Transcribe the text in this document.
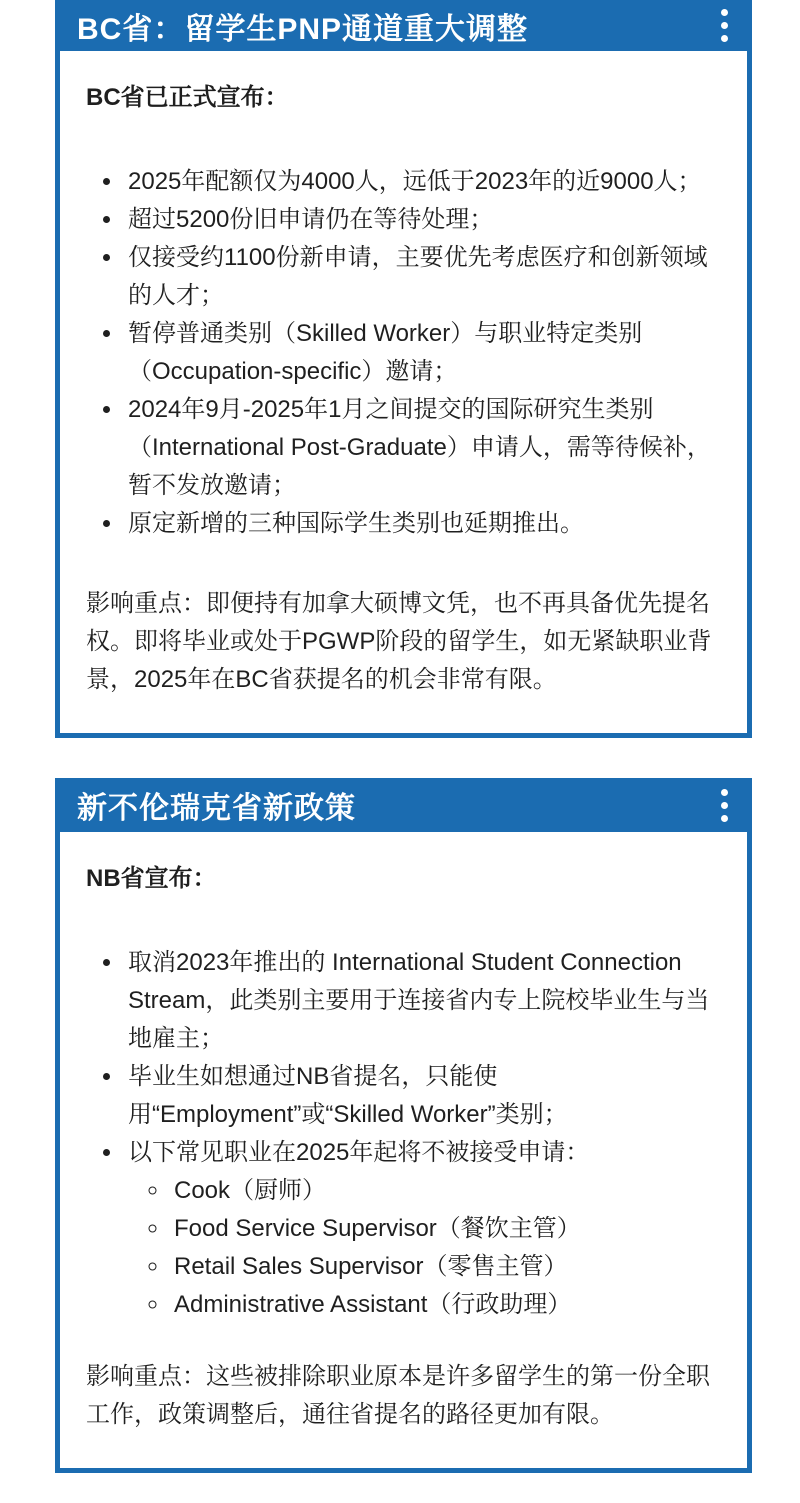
BC省：留学生PNP通道重大调整

BC省已正式宣布：

• 2025年配额仅为4000人，远低于2023年的近9000人；
• 超过5200份旧申请仍在等待处理；
• 仅接受约1100份新申请，主要优先考虑医疗和创新领域的人才；
• 暂停普通类别（Skilled Worker）与职业特定类别（Occupation-specific）邀请；
• 2024年9月-2025年1月之间提交的国际研究生类别（International Post-Graduate）申请人，需等待候补，暂不发放邀请；
• 原定新增的三种国际学生类别也延期推出。

影响重点：即便持有加拿大硕博文凭，也不再具备优先提名权。即将毕业或处于PGWP阶段的留学生，如无紧缺职业背景，2025年在BC省获提名的机会非常有限。

新不伦瑞克省新政策

NB省宣布：

• 取消2023年推出的 International Student Connection Stream，此类别主要用于连接省内专上院校毕业生与当地雇主；
• 毕业生如想通过NB省提名，只能使用“Employment”或“Skilled Worker”类别；
• 以下常见职业在2025年起将不被接受申请：
◦ Cook（厨师）
◦ Food Service Supervisor（餐饮主管）
◦ Retail Sales Supervisor（零售主管）
◦ Administrative Assistant（行政助理）

影响重点：这些被排除职业原本是许多留学生的第一份全职工作，政策调整后，通往省提名的路径更加有限。
